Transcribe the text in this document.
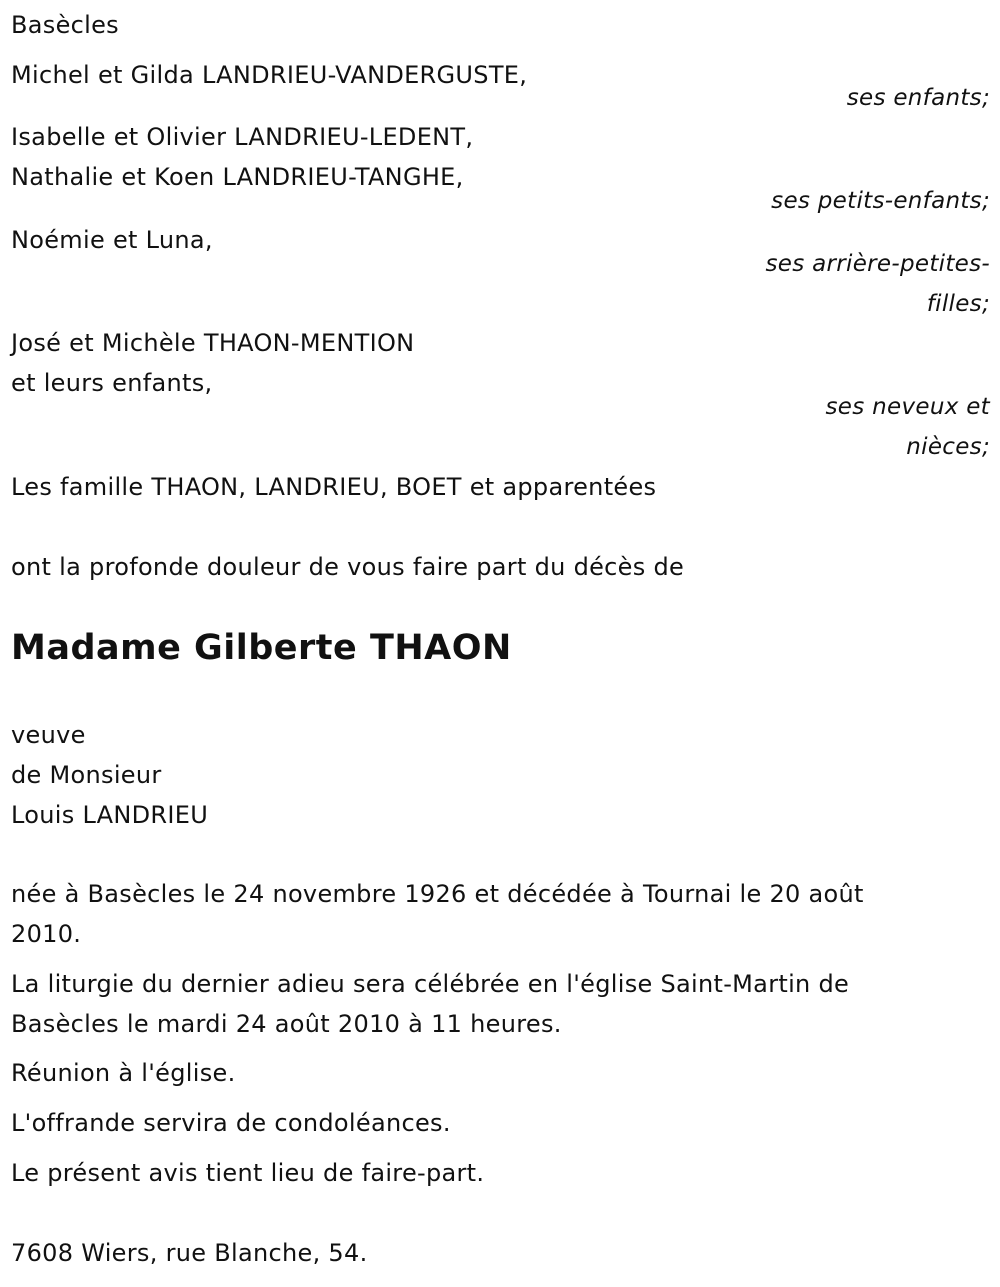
Basècles
Michel et Gilda LANDRIEU-VANDERGUSTE,
ses enfants;
Isabelle et Olivier LANDRIEU-LEDENT,
Nathalie et Koen LANDRIEU-TANGHE,
ses petits-enfants;
Noémie et Luna,
ses arrière-petites-
filles;
José et Michèle THAON-MENTION
et leurs enfants,
ses neveux et
nièces;
Les famille THAON, LANDRIEU, BOET et apparentées
ont la profonde douleur de vous faire part du décès de
Madame Gilberte THAON
veuve
de Monsieur
Louis LANDRIEU
née à Basècles le 24 novembre 1926 et décédée à Tournai le 20 août
2010.
La liturgie du dernier adieu sera célébrée en l'église Saint-Martin de
Basècles le mardi 24 août 2010 à 11 heures.
Réunion à l'église.
L'offrande servira de condoléances.
Le présent avis tient lieu de faire-part.
7608 Wiers, rue Blanche, 54.
